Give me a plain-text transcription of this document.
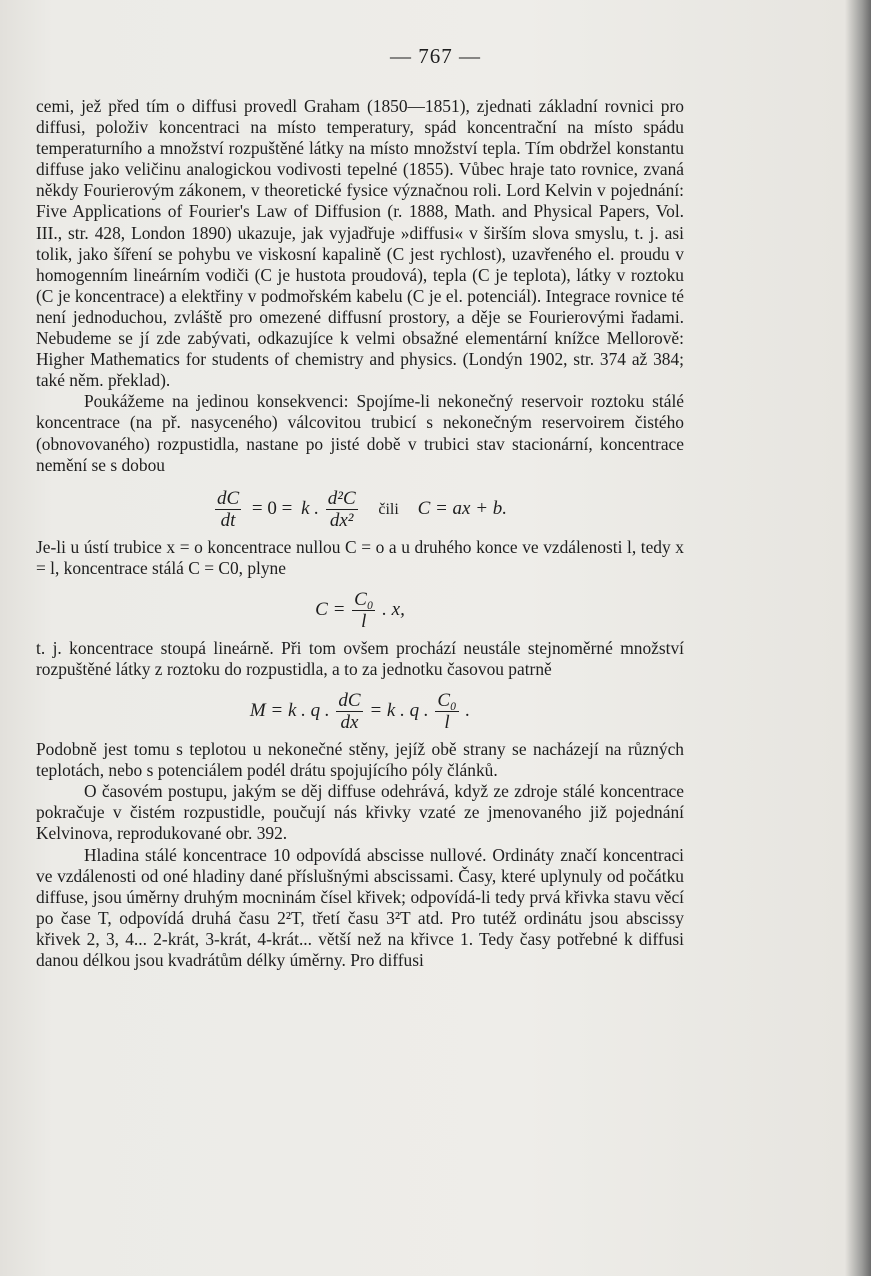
— 767 —

cemi, jež před tím o diffusi provedl Graham (1850—1851), zjednati základní rovnici pro diffusi, položiv koncentraci na místo temperatury, spád koncentrační na místo spádu temperaturního a množství rozpuštěné látky na místo množství tepla. Tím obdržel konstantu diffuse jako veličinu analogickou vodivosti tepelné (1855). Vůbec hraje tato rovnice, zvaná někdy Fourierovým zákonem, v theoretické fysice význačnou roli. Lord Kelvin v pojednání: Five Applications of Fourier's Law of Diffusion (r. 1888, Math. and Physical Papers, Vol. III., str. 428, London 1890) ukazuje, jak vyjadřuje »diffusi« v širším slova smyslu, t. j. asi tolik, jako šíření se pohybu ve viskosní kapalině (C jest rychlost), uzavřeného el. proudu v homogenním lineárním vodiči (C je hustota proudová), tepla (C je teplota), látky v roztoku (C je koncentrace) a elektřiny v podmořském kabelu (C je el. potenciál). Integrace rovnice té není jednoduchou, zvláště pro omezené diffusní prostory, a děje se Fourierovými řadami. Nebudeme se jí zde zabývati, odkazujíce k velmi obsažné elementární knížce Mellorově: Higher Mathematics for students of chemistry and physics. (Londýn 1902, str. 374 až 384; také něm. překlad).

Poukážeme na jedinou konsekvenci: Spojíme-li nekonečný reservoir roztoku stálé koncentrace (na př. nasyceného) válcovitou trubicí s nekonečným reservoirem čistého (obnovovaného) rozpustidla, nastane po jisté době v trubici stav stacionární, koncentrace nemění se s dobou

$\frac{dC}{dt} = 0 = k$ . $\frac{\text{d²C}}{\text{dx²}}$ čili C = ax + b.

Je-li u ústí trubice x = o koncentrace nullou C = o a u druhého konce ve vzdálenosti l, tedy x = l, koncentrace stálá C = C0, plyne

$C = \frac{\text{C₀}}{l}$ . x,

t. j. koncentrace stoupá lineárně. Při tom ovšem prochází neustále stejnoměrné množství rozpuštěné látky z roztoku do rozpustidla, a to za jednotku časovou patrně

M = k . q . $\frac{dC}{dx} = k$ . q . $\frac{\text{C₀}}{l}$ .

Podobně jest tomu s teplotou u nekonečné stěny, jejíž obě strany se nacházejí na různých teplotách, nebo s potenciálem podél drátu spojujícího póly článků.

O časovém postupu, jakým se děj diffuse odehrává, když ze zdroje stálé koncentrace pokračuje v čistém rozpustidle, poučují nás křivky vzaté ze jmenovaného již pojednání Kelvinova, reprodukované obr. 392.

Hladina stálé koncentrace 10 odpovídá abscisse nullové. Ordináty značí koncentraci ve vzdálenosti od oné hladiny dané příslušnými abscissami. Časy, které uplynuly od počátku diffuse, jsou úměrny druhým mocninám čísel křivek; odpovídá-li tedy prvá křivka stavu věcí po čase T, odpovídá druhá času 2²T, třetí času 3²T atd. Pro tutéž ordinátu jsou abscissy křivek 2, 3, 4... 2-krát, 3-krát, 4-krát... větší než na křivce 1. Tedy časy potřebné k diffusi danou délkou jsou kvadrátům délky úměrny. Pro diffusi
